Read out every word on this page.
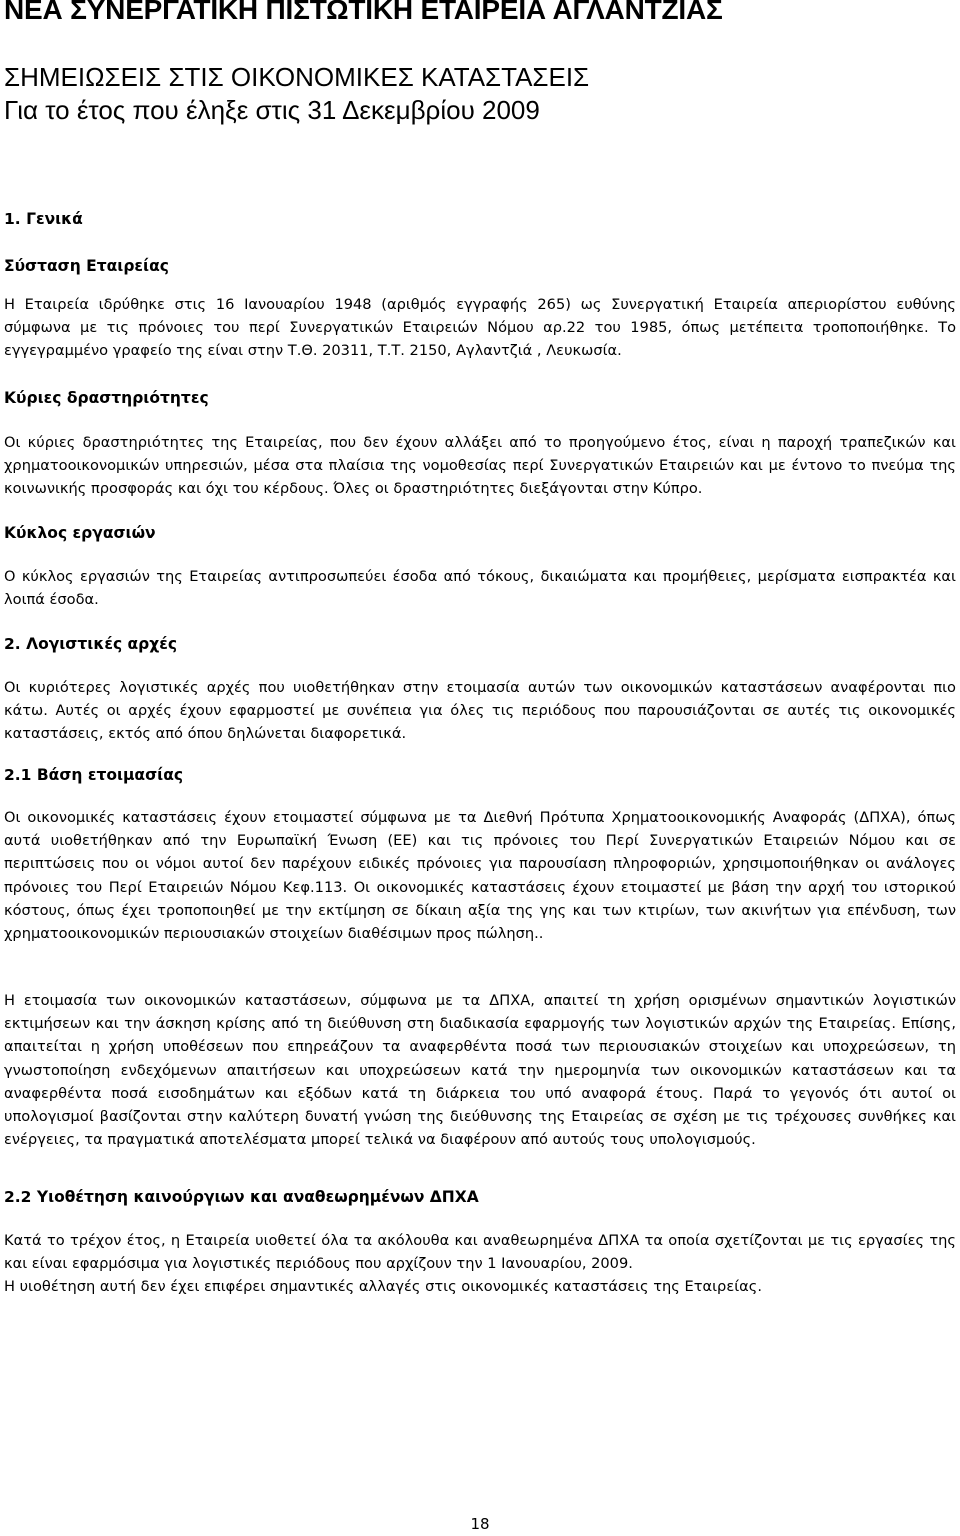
ΝΕΑ ΣΥΝΕΡΓΑΤΙΚΗ ΠΙΣΤΩΤΙΚΗ ΕΤΑΙΡΕΙΑ ΑΓΛΑΝΤΖΙΑΣ
ΣΗΜΕΙΩΣΕΙΣ ΣΤΙΣ ΟΙΚΟΝΟΜΙΚΕΣ ΚΑΤΑΣΤΑΣΕΙΣ
Για το έτος που έληξε στις 31 Δεκεμβρίου 2009
1. Γενικά
Σύσταση Εταιρείας

Η Εταιρεία ιδρύθηκε στις 16 Ιανουαρίου 1948 (αριθμός εγγραφής 265) ως Συνεργατική Εταιρεία απεριορίστου ευθύνης σύμφωνα με τις πρόνοιες του περί Συνεργατικών Εταιρειών Νόμου αρ.22 του 1985, όπως μετέπειτα τροποποιήθηκε. Το εγγεγραμμένο γραφείο της είναι στην Τ.Θ. 20311, Τ.Τ. 2150, Αγλαντζιά , Λευκωσία.

Κύριες δραστηριότητες

Οι κύριες δραστηριότητες της Εταιρείας, που δεν έχουν αλλάξει από το προηγούμενο έτος, είναι η παροχή τραπεζικών και χρηματοοικονομικών υπηρεσιών, μέσα στα πλαίσια της νομοθεσίας περί Συνεργατικών Εταιρειών και με έντονο το πνεύμα της κοινωνικής προσφοράς και όχι του κέρδους. Όλες οι δραστηριότητες διεξάγονται στην Κύπρο.

Κύκλος εργασιών

Ο κύκλος εργασιών της Εταιρείας αντιπροσωπεύει έσοδα από τόκους, δικαιώματα και προμήθειες, μερίσματα εισπρακτέα και λοιπά έσοδα.

2. Λογιστικές αρχές

Οι κυριότερες λογιστικές αρχές που υιοθετήθηκαν στην ετοιμασία αυτών των οικονομικών καταστάσεων αναφέρονται πιο κάτω. Αυτές οι αρχές έχουν εφαρμοστεί με συνέπεια για όλες τις περιόδους που παρουσιάζονται σε αυτές τις οικονομικές καταστάσεις, εκτός από όπου δηλώνεται διαφορετικά.

2.1 Βάση ετοιμασίας

Οι οικονομικές καταστάσεις έχουν ετοιμαστεί σύμφωνα με τα Διεθνή Πρότυπα Χρηματοοικονομικής Αναφοράς (ΔΠΧΑ), όπως αυτά υιοθετήθηκαν από την Ευρωπαϊκή Ένωση (ΕΕ) και τις πρόνοιες του Περί Συνεργατικών Εταιρειών Νόμου και σε περιπτώσεις που οι νόμοι αυτοί δεν παρέχουν ειδικές πρόνοιες για παρουσίαση πληροφοριών, χρησιμοποιήθηκαν οι ανάλογες πρόνοιες του Περί Εταιρειών Νόμου Κεφ.113. Οι οικονομικές καταστάσεις έχουν ετοιμαστεί με βάση την αρχή του ιστορικού κόστους, όπως έχει τροποποιηθεί με την εκτίμηση σε δίκαιη αξία της γης και των κτιρίων, των ακινήτων για επένδυση, των χρηματοοικονομικών περιουσιακών στοιχείων διαθέσιμων προς πώληση..

Η ετοιμασία των οικονομικών καταστάσεων, σύμφωνα με τα ΔΠΧΑ, απαιτεί τη χρήση ορισμένων σημαντικών λογιστικών εκτιμήσεων και την άσκηση κρίσης από τη διεύθυνση στη διαδικασία εφαρμογής των λογιστικών αρχών της Εταιρείας. Επίσης, απαιτείται η χρήση υποθέσεων που επηρεάζουν τα αναφερθέντα ποσά των περιουσιακών στοιχείων και υποχρεώσεων, τη γνωστοποίηση ενδεχόμενων απαιτήσεων και υποχρεώσεων κατά την ημερομηνία των οικονομικών καταστάσεων και τα αναφερθέντα ποσά εισοδημάτων και εξόδων κατά τη διάρκεια του υπό αναφορά έτους. Παρά το γεγονός ότι αυτοί οι υπολογισμοί βασίζονται στην καλύτερη δυνατή γνώση της διεύθυνσης της Εταιρείας σε σχέση με τις τρέχουσες συνθήκες και ενέργειες, τα πραγματικά αποτελέσματα μπορεί τελικά να διαφέρουν από αυτούς τους υπολογισμούς.

2.2 Υιοθέτηση καινούργιων και αναθεωρημένων ΔΠΧΑ

Κατά το τρέχον έτος, η Εταιρεία υιοθετεί όλα τα ακόλουθα και αναθεωρημένα ΔΠΧΑ τα οποία σχετίζονται με τις εργασίες της και είναι εφαρμόσιμα για λογιστικές περιόδους που αρχίζουν την 1 Ιανουαρίου, 2009.

Η υιοθέτηση αυτή δεν έχει επιφέρει σημαντικές αλλαγές στις οικονομικές καταστάσεις της Εταιρείας.

18
